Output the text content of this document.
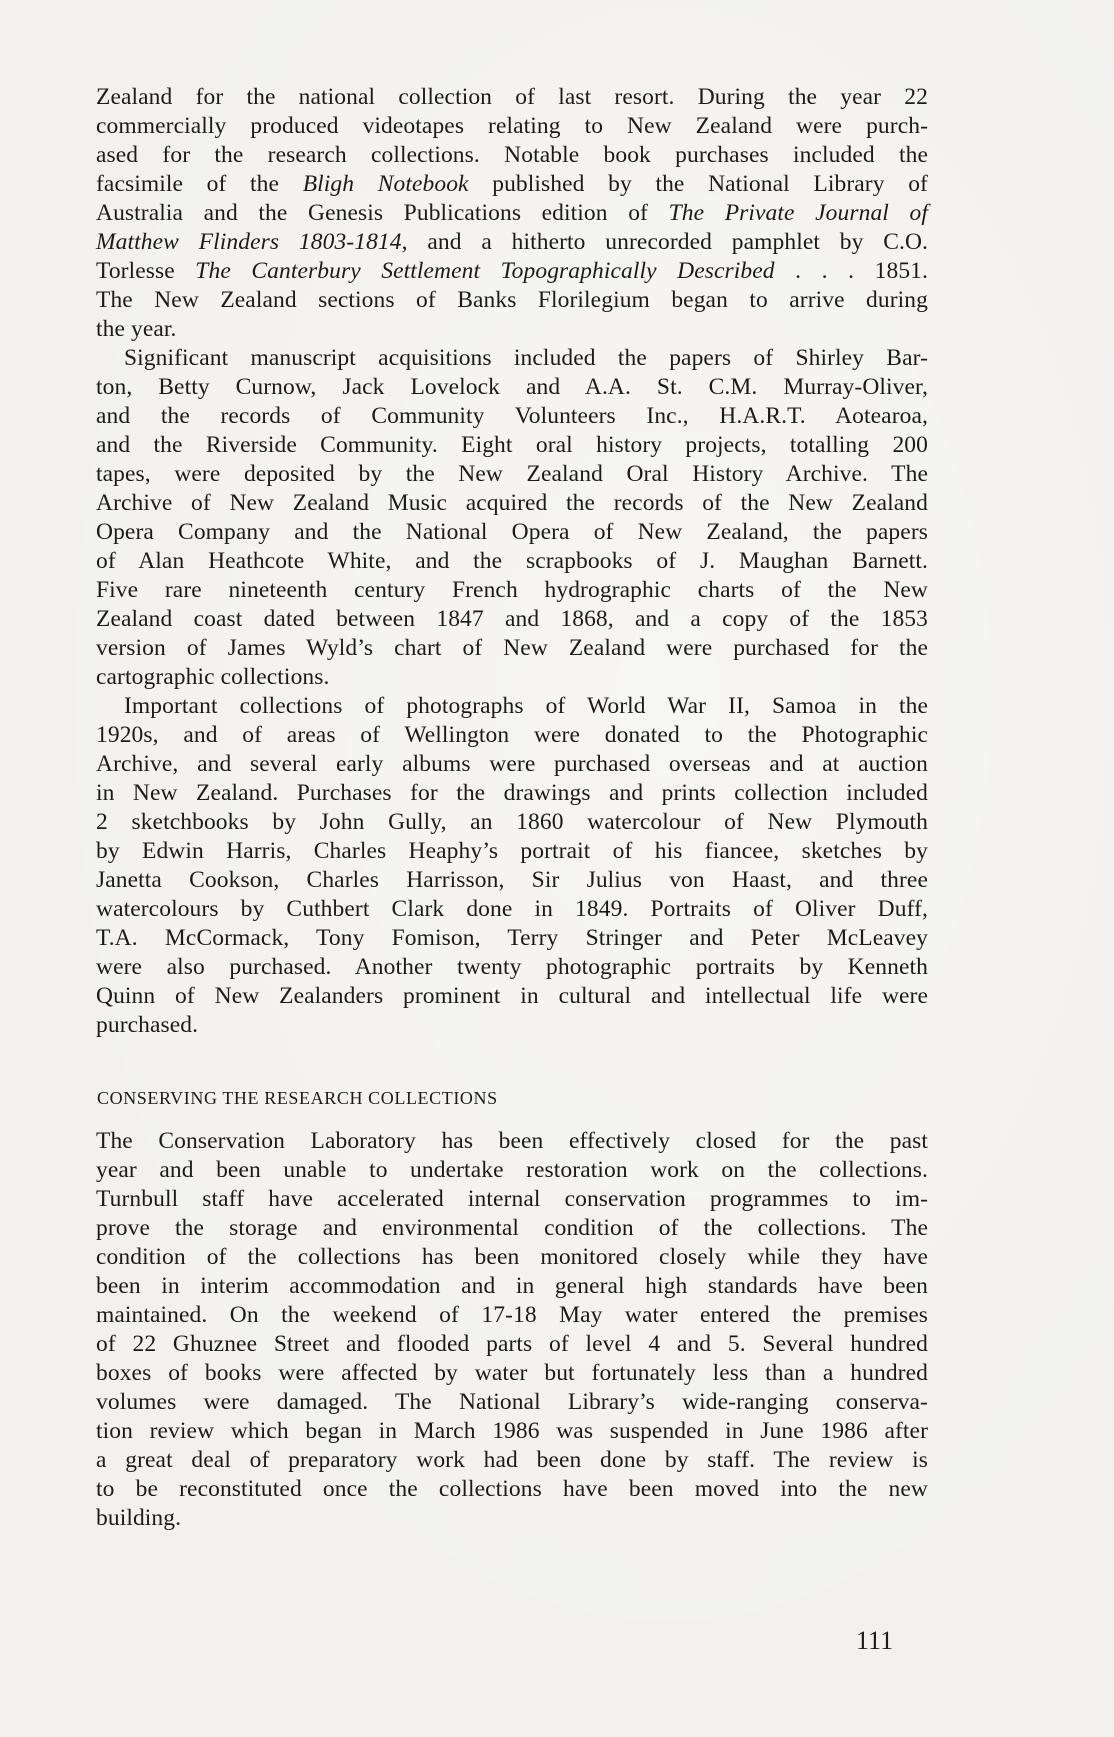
Zealand for the national collection of last resort. During the year 22
commercially produced videotapes relating to New Zealand were purch-
ased for the research collections. Notable book purchases included the
facsimile of the Bligh Notebook published by the National Library of
Australia and the Genesis Publications edition of The Private Journal of
Matthew Flinders 1803-1814, and a hitherto unrecorded pamphlet by C.O.
Torlesse The Canterbury Settlement Topographically Described . . . 1851.
The New Zealand sections of Banks Florilegium began to arrive during
the year.
Significant manuscript acquisitions included the papers of Shirley Bar-
ton, Betty Curnow, Jack Lovelock and A.A. St. C.M. Murray-Oliver,
and the records of Community Volunteers Inc., H.A.R.T. Aotearoa,
and the Riverside Community. Eight oral history projects, totalling 200
tapes, were deposited by the New Zealand Oral History Archive. The
Archive of New Zealand Music acquired the records of the New Zealand
Opera Company and the National Opera of New Zealand, the papers
of Alan Heathcote White, and the scrapbooks of J. Maughan Barnett.
Five rare nineteenth century French hydrographic charts of the New
Zealand coast dated between 1847 and 1868, and a copy of the 1853
version of James Wyld’s chart of New Zealand were purchased for the
cartographic collections.
Important collections of photographs of World War II, Samoa in the
1920s, and of areas of Wellington were donated to the Photographic
Archive, and several early albums were purchased overseas and at auction
in New Zealand. Purchases for the drawings and prints collection included
2 sketchbooks by John Gully, an 1860 watercolour of New Plymouth
by Edwin Harris, Charles Heaphy’s portrait of his fiancee, sketches by
Janetta Cookson, Charles Harrisson, Sir Julius von Haast, and three
watercolours by Cuthbert Clark done in 1849. Portraits of Oliver Duff,
T.A. McCormack, Tony Fomison, Terry Stringer and Peter McLeavey
were also purchased. Another twenty photographic portraits by Kenneth
Quinn of New Zealanders prominent in cultural and intellectual life were
purchased.
CONSERVING THE RESEARCH COLLECTIONS
The Conservation Laboratory has been effectively closed for the past
year and been unable to undertake restoration work on the collections.
Turnbull staff have accelerated internal conservation programmes to im-
prove the storage and environmental condition of the collections. The
condition of the collections has been monitored closely while they have
been in interim accommodation and in general high standards have been
maintained. On the weekend of 17-18 May water entered the premises
of 22 Ghuznee Street and flooded parts of level 4 and 5. Several hundred
boxes of books were affected by water but fortunately less than a hundred
volumes were damaged. The National Library’s wide-ranging conserva-
tion review which began in March 1986 was suspended in June 1986 after
a great deal of preparatory work had been done by staff. The review is
to be reconstituted once the collections have been moved into the new
building.
111
